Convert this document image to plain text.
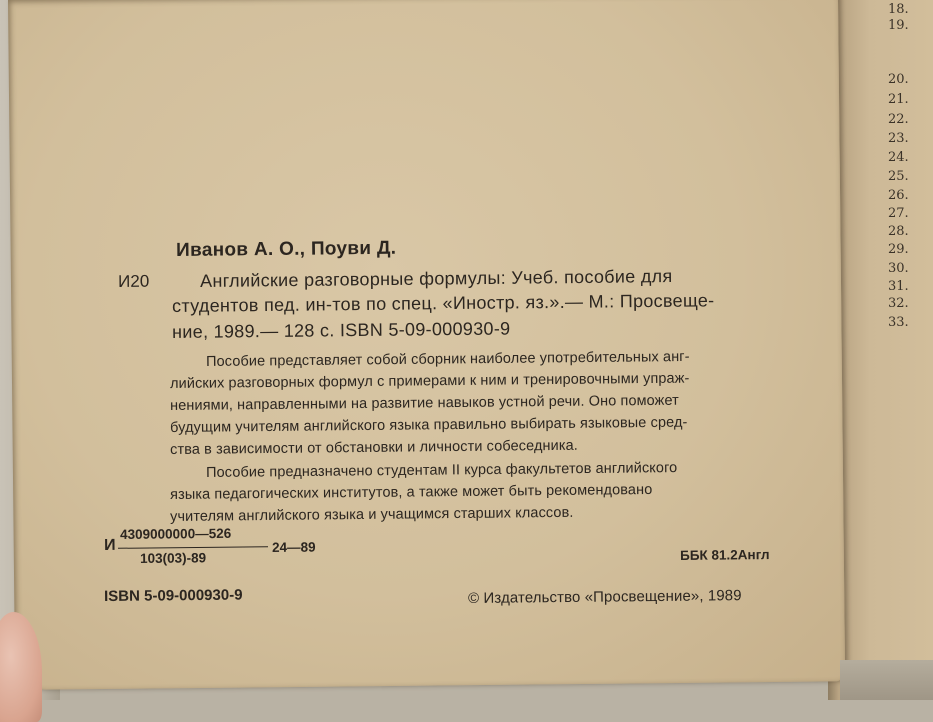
18.
19.
20.
21.
22.
23.
24.
25.
26.
27.
28.
29.
30.
31.
32.
33.
Иванов А. О., Поуви Д.
И20	Английские разговорные формулы: Учеб. пособие для
студентов пед. ин-тов по спец. «Иностр. яз.».— М.: Просвеще-
ние, 1989.— 128 с. ISBN 5-09-000930-9
Пособие представляет собой сборник наиболее употребительных анг-
лийских разговорных формул с примерами к ним и тренировочными упраж-
нениями, направленными на развитие навыков устной речи. Оно поможет
будущим учителям английского языка правильно выбирать языковые сред-
ства в зависимости от обстановки и личности собеседника.
Пособие предназначено студентам II курса факультетов английского
языка педагогических институтов, а также может быть рекомендовано
учителям английского языка и учащимся старших классов.
И
4309000000—526
103(03)-89
24—89	ББК 81.2Англ
ISBN 5-09-000930-9	© Издательство «Просвещение», 1989
